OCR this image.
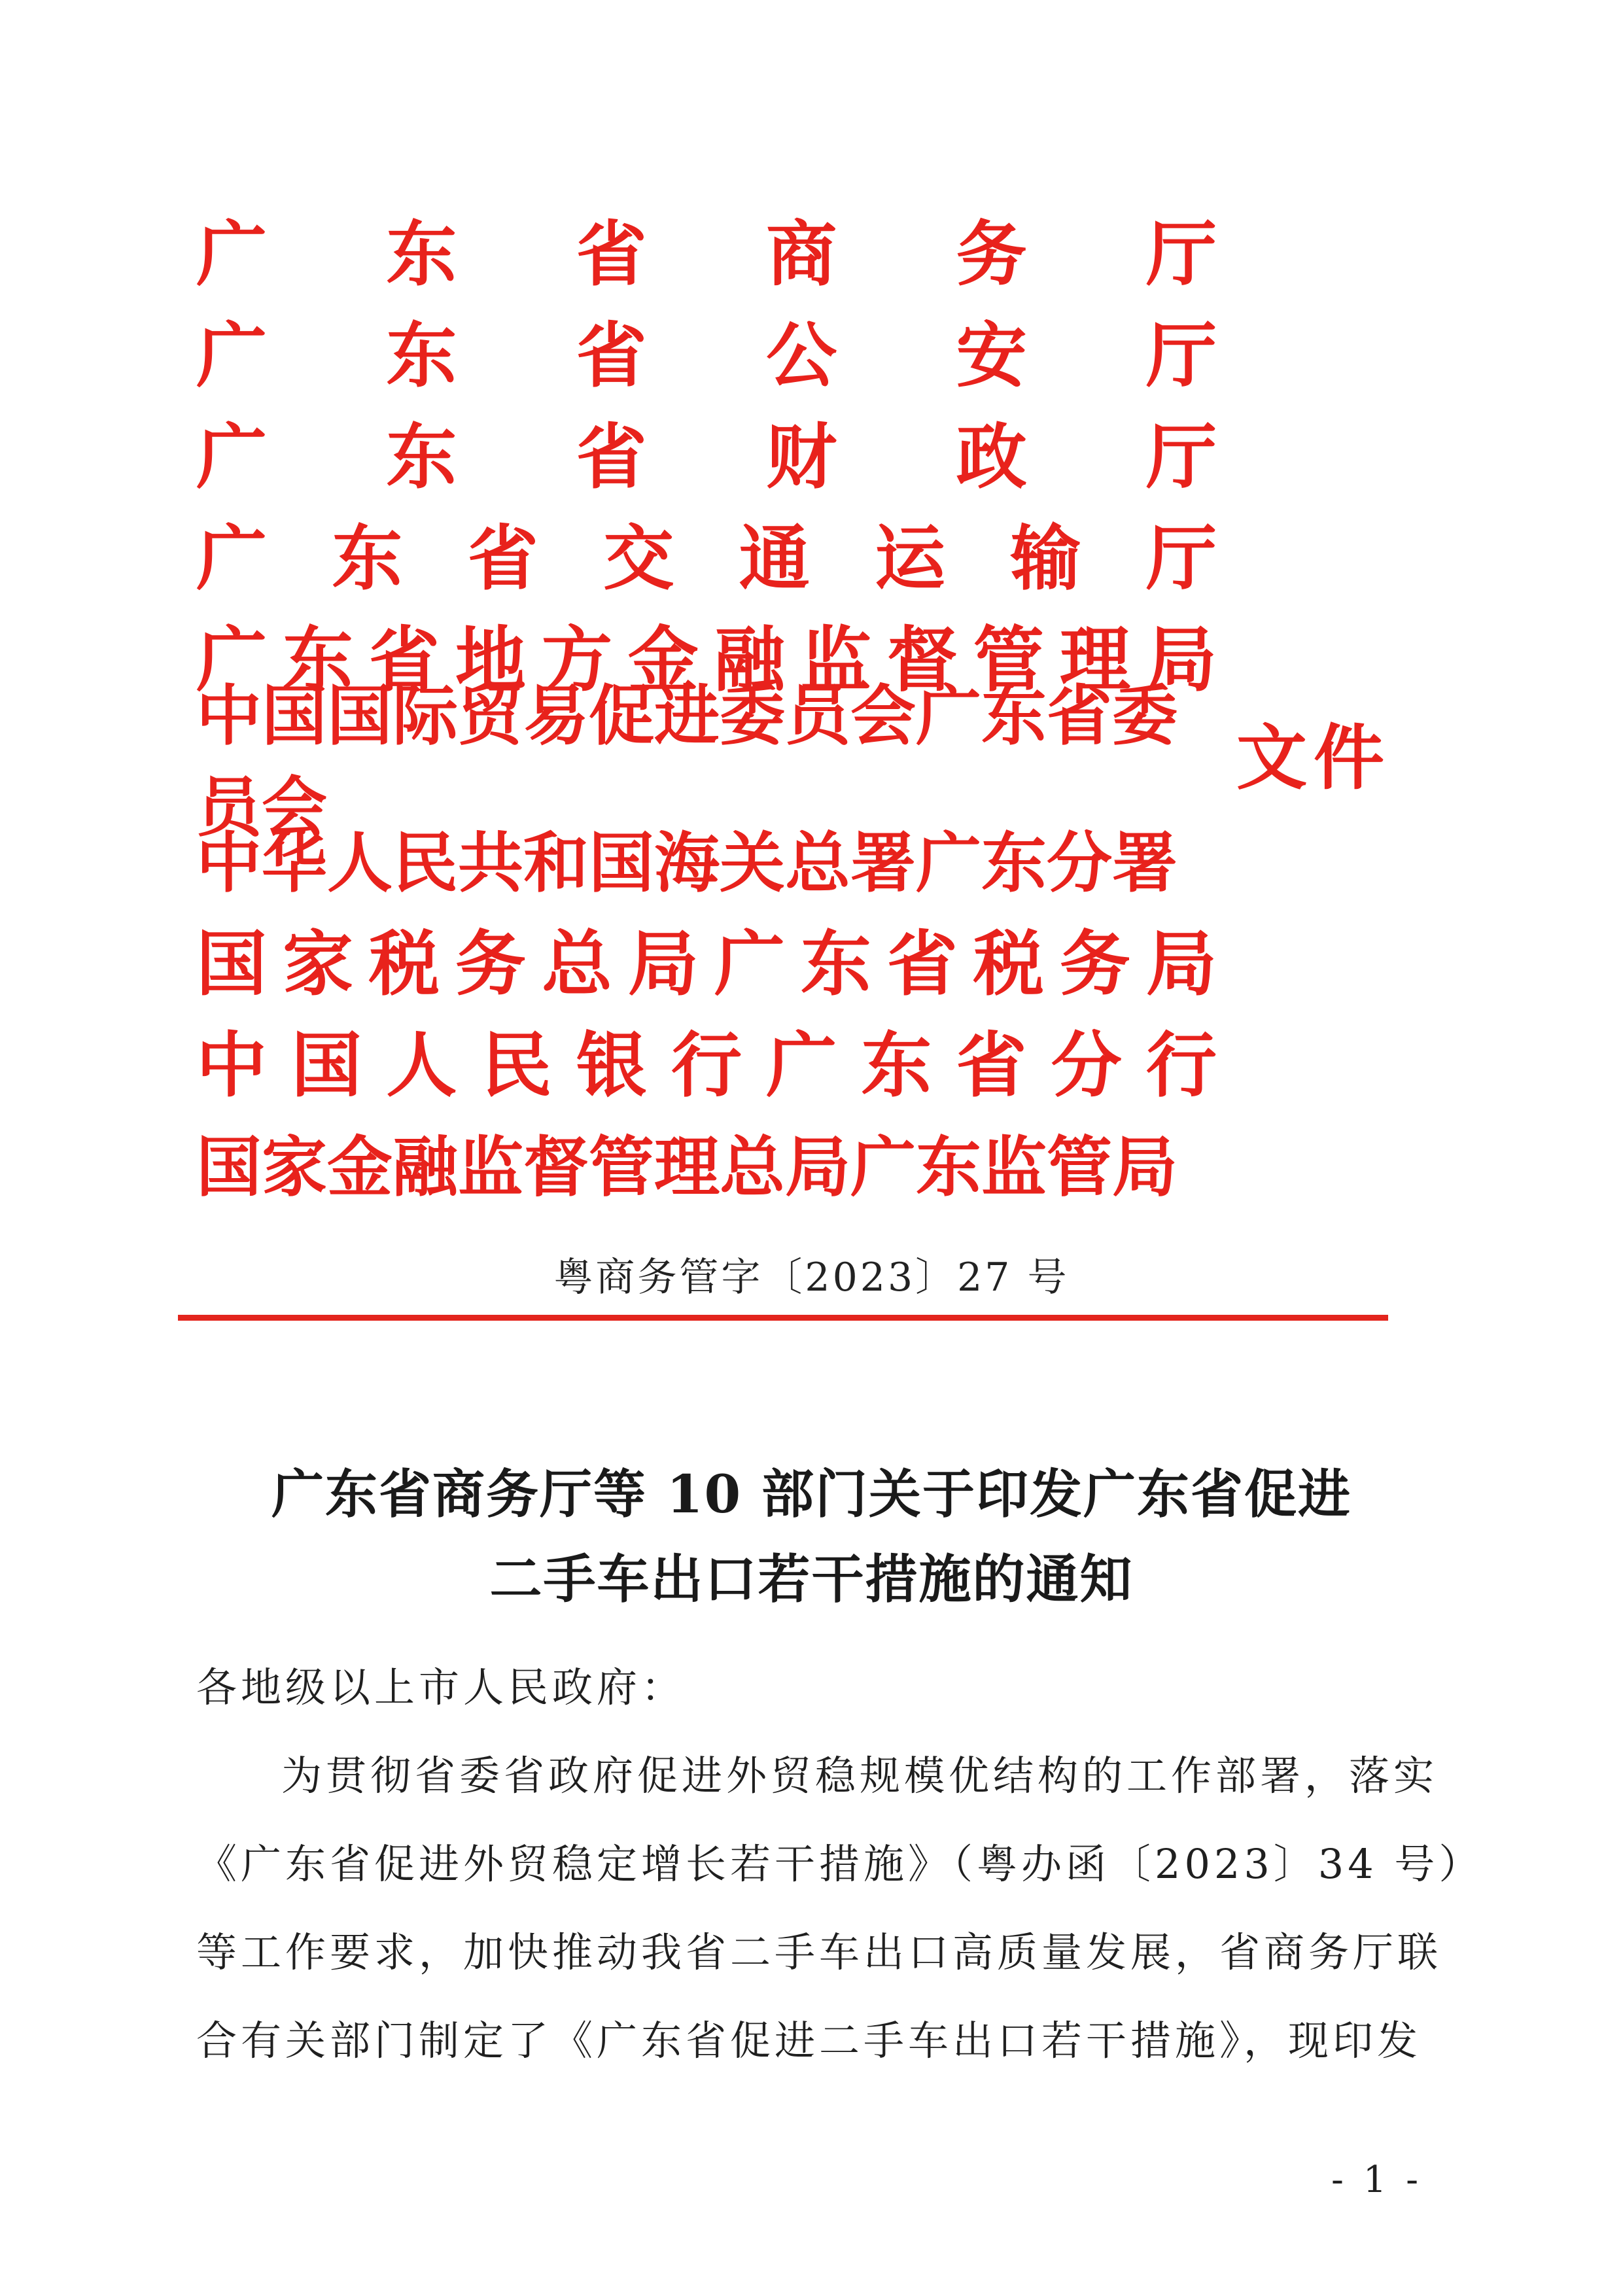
广 东 省 商 务 厅
广 东 省 公 安 厅
广 东 省 财 政 厅
广 东 省 交 通 运 输 厅
广 东 省 地 方 金 融 监 督 管 理 局
中国国际贸易促进委员会广东省委员会
中华人民共和国海关总署广东分署
国 家 税 务 总 局 广 东 省 税 务 局
中 国 人 民 银 行 广 东 省 分 行
国家金融监督管理总局广东监管局
文件
粤商务管字〔2023〕27 号
广东省商务厅等 10 部门关于印发广东省促进
二手车出口若干措施的通知
各地级以上市人民政府：
为贯彻省委省政府促进外贸稳规模优结构的工作部署，落实
《广东省促进外贸稳定增长若干措施》（粤办函〔2023〕34 号）
等工作要求，加快推动我省二手车出口高质量发展，省商务厅联
合有关部门制定了《广东省促进二手车出口若干措施》，现印发
- 1 -
